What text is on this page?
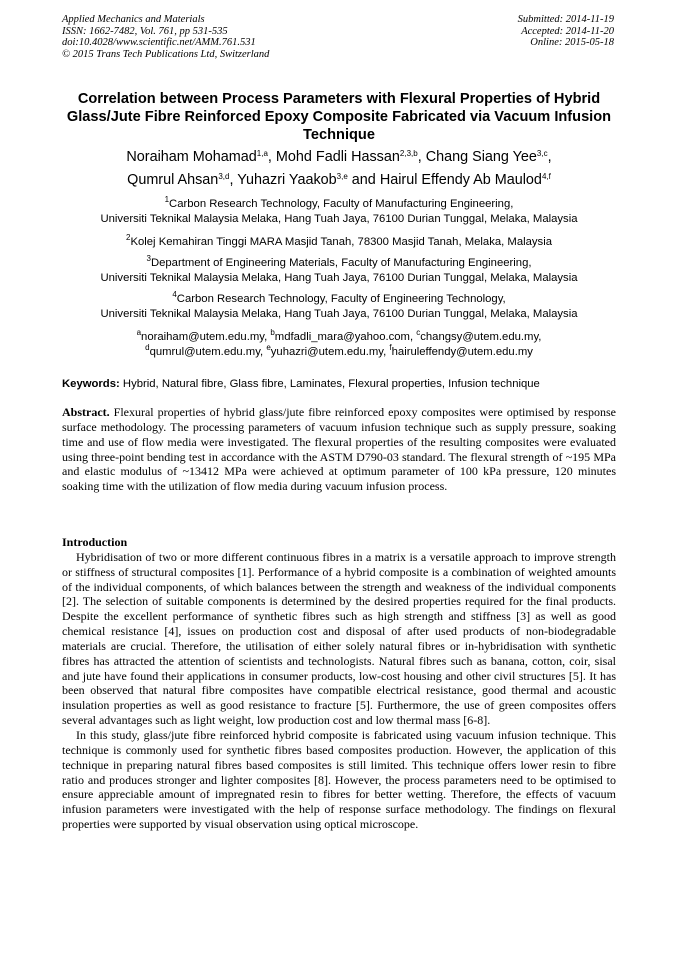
Applied Mechanics and Materials
ISSN: 1662-7482, Vol. 761, pp 531-535
doi:10.4028/www.scientific.net/AMM.761.531
© 2015 Trans Tech Publications Ltd, Switzerland
Submitted: 2014-11-19
Accepted: 2014-11-20
Online: 2015-05-18
Correlation between Process Parameters with Flexural Properties of Hybrid Glass/Jute Fibre Reinforced Epoxy Composite Fabricated via Vacuum Infusion Technique
Noraiham Mohamad$^{1,a}$, Mohd Fadli Hassan$^{2,3,b}$, Chang Siang Yee$^{3,c}$,
Qumrul Ahsan$^{3,d}$, Yuhazri Yaakob$^{3,e}$ and Hairul Effendy Ab Maulod$^{4,f}$
$^1$Carbon Research Technology, Faculty of Manufacturing Engineering,
Universiti Teknikal Malaysia Melaka, Hang Tuah Jaya, 76100 Durian Tunggal, Melaka, Malaysia
$^2$Kolej Kemahiran Tinggi MARA Masjid Tanah, 78300 Masjid Tanah, Melaka, Malaysia
$^3$Department of Engineering Materials, Faculty of Manufacturing Engineering,
Universiti Teknikal Malaysia Melaka, Hang Tuah Jaya, 76100 Durian Tunggal, Melaka, Malaysia
$^4$Carbon Research Technology, Faculty of Engineering Technology,
Universiti Teknikal Malaysia Melaka, Hang Tuah Jaya, 76100 Durian Tunggal, Melaka, Malaysia
$^a$noraiham@utem.edu.my, $^b$mdfadli_mara@yahoo.com, $^c$changsy@utem.edu.my,
$^d$qumrul@utem.edu.my, $^e$yuhazri@utem.edu.my, $^f$hairuleffendy@utem.edu.my
Keywords: Hybrid, Natural fibre, Glass fibre, Laminates, Flexural properties, Infusion technique

Abstract. Flexural properties of hybrid glass/jute fibre reinforced epoxy composites were optimised by response surface methodology. The processing parameters of vacuum infusion technique such as supply pressure, soaking time and use of flow media were investigated. The flexural properties of the resulting composites were evaluated using three-point bending test in accordance with the ASTM D790-03 standard. The flexural strength of ~195 MPa and elastic modulus of ~13412 MPa were achieved at optimum parameter of 100 kPa pressure, 120 minutes soaking time with the utilization of flow media during vacuum infusion process.

Introduction

Hybridisation of two or more different continuous fibres in a matrix is a versatile approach to improve strength or stiffness of structural composites [1]. Performance of a hybrid composite is a combination of weighted amounts of the individual components, of which balances between the strength and weakness of the individual components [2]. The selection of suitable components is determined by the desired properties required for the final products. Despite the excellent performance of synthetic fibres such as high strength and stiffness [3] as well as good chemical resistance [4], issues on production cost and disposal of after used products of non-biodegradable materials are crucial. Therefore, the utilisation of either solely natural fibres or in-hybridisation with synthetic fibres has attracted the attention of scientists and technologists. Natural fibres such as banana, cotton, coir, sisal and jute have found their applications in consumer products, low-cost housing and other civil structures [5]. It has been observed that natural fibre composites have compatible electrical resistance, good thermal and acoustic insulation properties as well as good resistance to fracture [5]. Furthermore, the use of green composites offers several advantages such as light weight, low production cost and low thermal mass [6-8].

In this study, glass/jute fibre reinforced hybrid composite is fabricated using vacuum infusion technique. This technique is commonly used for synthetic fibres based composites production. However, the application of this technique in preparing natural fibres based composites is still limited. This technique offers lower resin to fibre ratio and produces stronger and lighter composites [8]. However, the process parameters need to be optimised to ensure appreciable amount of impregnated resin to fibres for better wetting. Therefore, the effects of vacuum infusion parameters were investigated with the help of response surface methodology. The findings on flexural properties were supported by visual observation using optical microscope.
